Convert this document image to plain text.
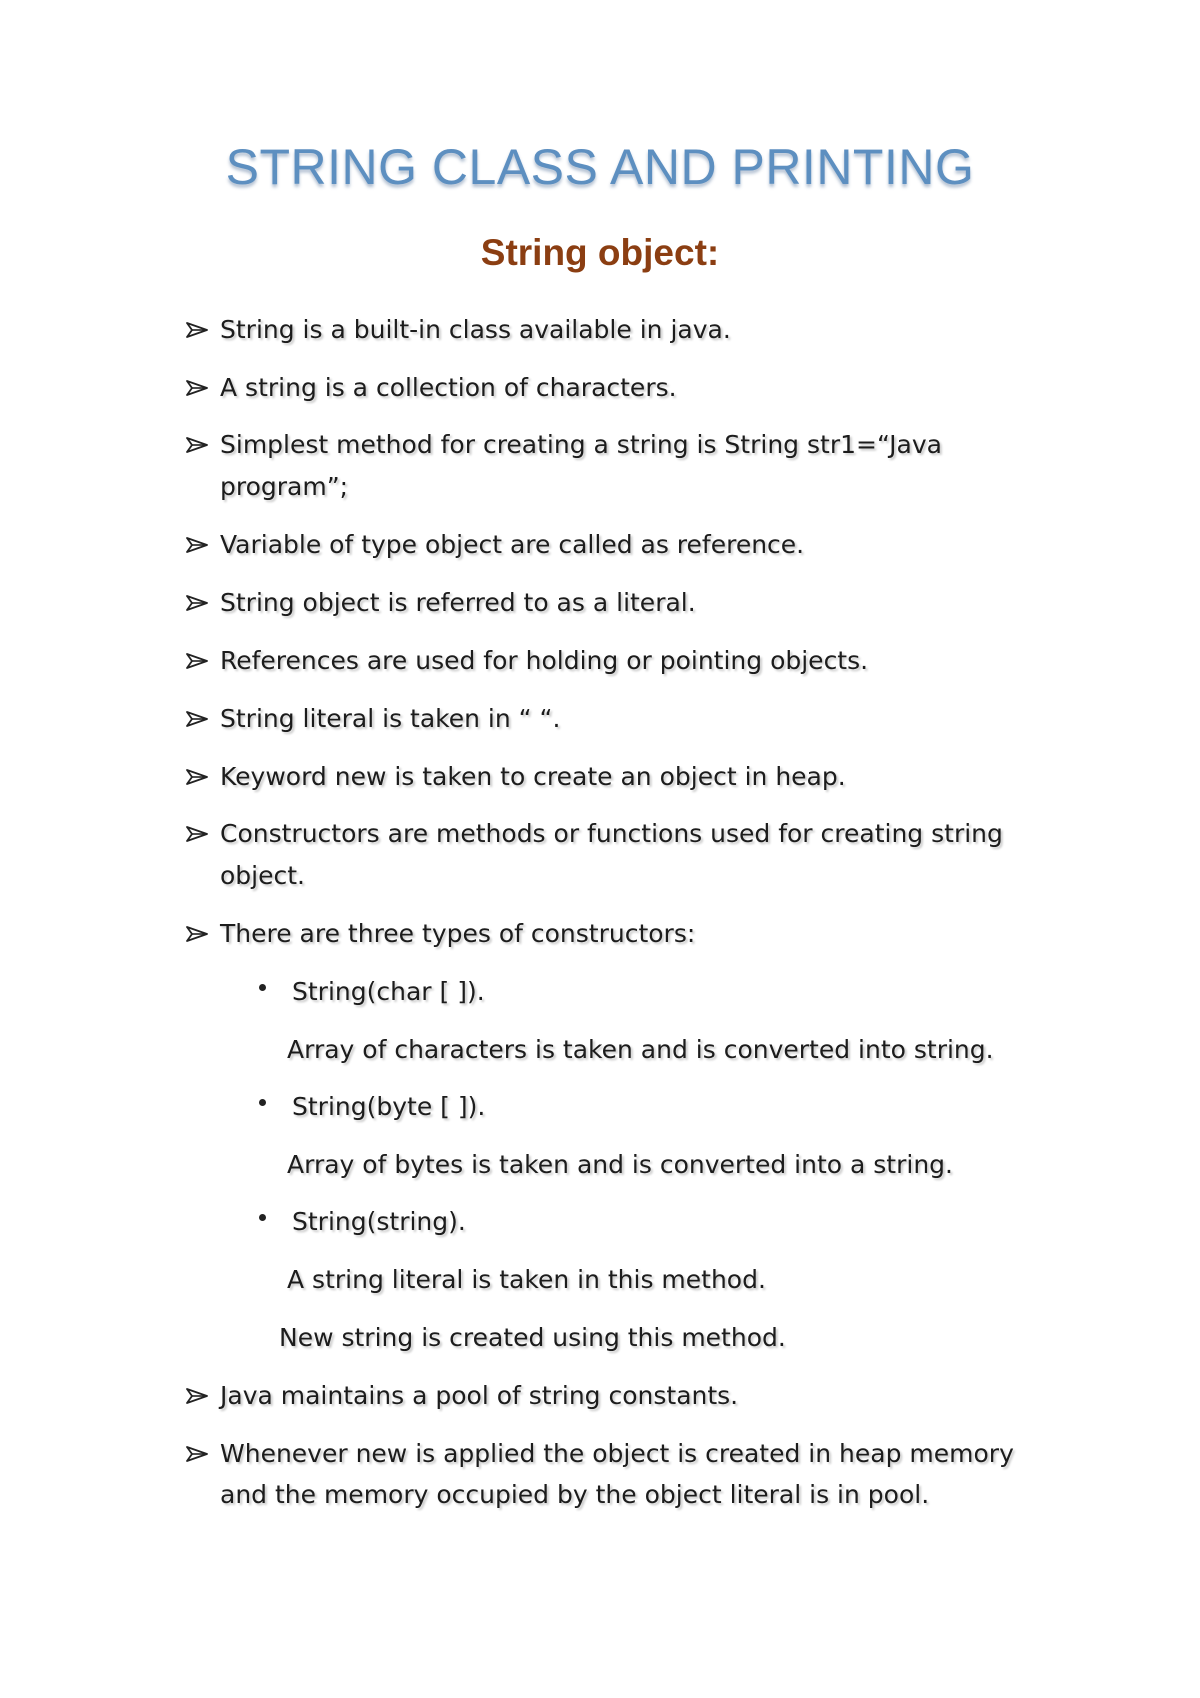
STRING CLASS AND PRINTING
String object:
String is a built-in class available in java.
A string is a collection of characters.
Simplest method for creating a string is String str1=“Java
program”;
Variable of type object are called as reference.
String object is referred to as a literal.
References are used for holding or pointing objects.
String literal is taken in “ “.
Keyword new is taken to create an object in heap.
Constructors are methods or functions used for creating string
object.
There are three types of constructors:
String(char [ ]).
Array of characters is taken and is converted into string.
String(byte [ ]).
Array of bytes is taken and is converted into a string.
String(string).
A string literal is taken in this method.
New string is created using this method.
Java maintains a pool of string constants.
Whenever new is applied the object is created in heap memory
and the memory occupied by the object literal is in pool.
